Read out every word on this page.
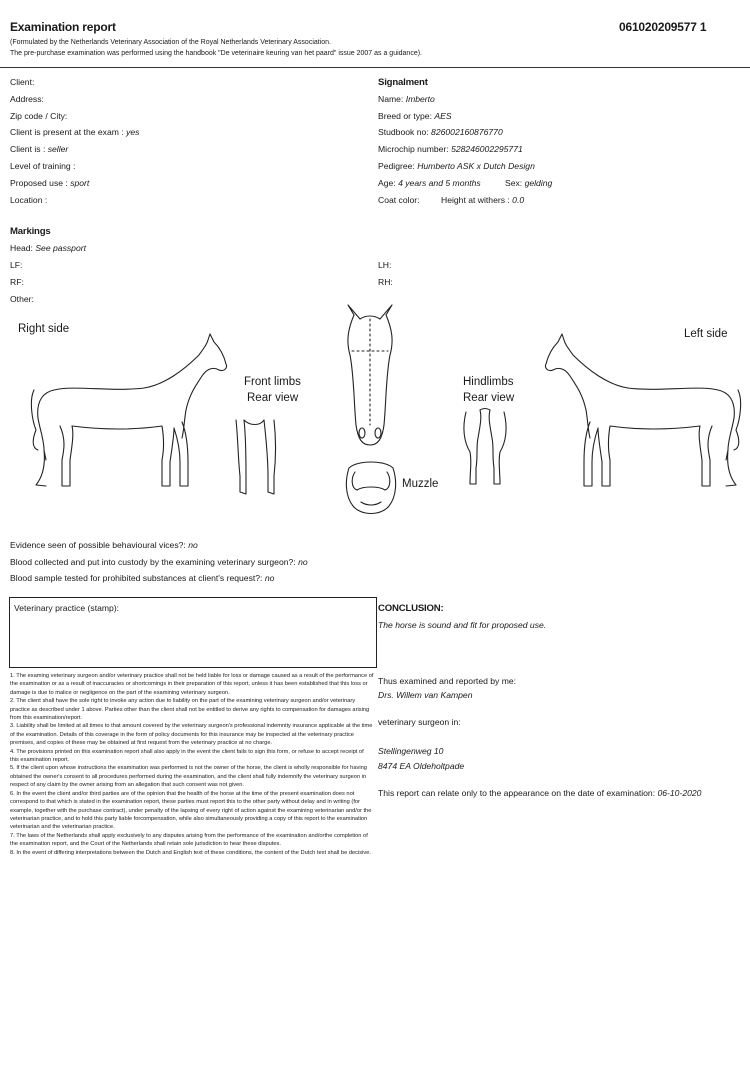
Examination report	061020209577 1
(Formulated by the Netherlands Veterinary Association of the Royal Netherlands Veterinary Association.
The pre-purchase examination was performed using the handbook "De veterinaire keuring van het paard" issue 2007 as a guidance).
Client:
Address:
Zip code / City:
Client is present at the exam : yes
Client is : seller
Level of training :
Proposed use : sport
Location :
Signalment
Name: Imberto
Breed or type: AES
Studbook no: 826002160876770
Microchip number: 528246002295771
Pedigree: Humberto ASK x Dutch Design
Age: 4 years and 5 months	Sex: gelding
Coat color: Height at withers : 0.0
Markings
Head: See passport
LF:
RF:
Other:
LH:
RH:
Right side	Left side
Front limbs
Rear view
Hindlimbs
Rear view
Muzzle
Evidence seen of possible behavioural vices?: no
Blood collected and put into custody by the examining veterinary surgeon?: no
Blood sample tested for prohibited substances at client's request?: no
Veterinary practice (stamp):	CONCLUSION:
The horse is sound and fit for proposed use.
Thus examined and reported by me:
Drs. Willem van Kampen
veterinary surgeon in:
Stellingenweg 10
8474 EA Oldeholtpade
This report can relate only to the appearance on the date of examination: 06-10-2020

1. The examing veterinary surgeon and/or veterinary practice shall not be held liable for loss or damage caused as a result of the performance of the examination or as a result of inaccuracies or shortcomings in their preparation of this report, unless it has been established that this loss or damage is due to malice or negligence on the part of the examining veterinary surgeon.

2. The client shall have the sole right to invoke any action due to liability on the part of the examining veterinary surgeon and/or veterinary practice as described under 1 above. Parties other than the client shall not be entitled to derive any rights to compensation for damages arising from this examination/report.

3. Liability shall be limited at all times to that amount covered by the veterinary surgeon's professional indemnity insurance applicable at the time of the examination. Details of this coverage in the form of policy documents for this insurance may be inspected at the veterinary practice premises, and copies of these may be obtained at first request from the veterinary practice at no charge.

4. The provisions printed on this examination report shall also apply in the event the client fails to sign this form, or refuse to accept receipt of this examination report.

5. If the client upon whose instructions the examination was performed is not the owner of the horse, the client is wholly responsible for having obtained the owner's consent to all procedures performed during the examination, and the client shall fully indemnify the veterinary surgeon in respect of any claim by the owner arising from an allegation that such consent was not given.

6. In the event the client and/or third parties are of the opinion that the health of the horse at the time of the present examination does not correspond to that which is stated in the examination report, these parties must report this to the other party without delay and in writing (for example, together with the purchase contract), under penalty of the lapsing of every right of action against the examining veterinarian and/or the veterinarian practice, and to hold this party liable forcompensation, while also simultaneously providing a copy of this report to the examination veterinarian and the veterinarian practice.

7. The laws of the Netherlands shall apply exclusively to any disputes arising from the performance of the examination and/orthe completion of the examination report, and the Court of the Netherlands shall retain sole jurisdiction to hear these disputes.

8. In the event of differing interpretations between the Dutch and English text of these conditions, the content of the Dutch text shall be decisive.
